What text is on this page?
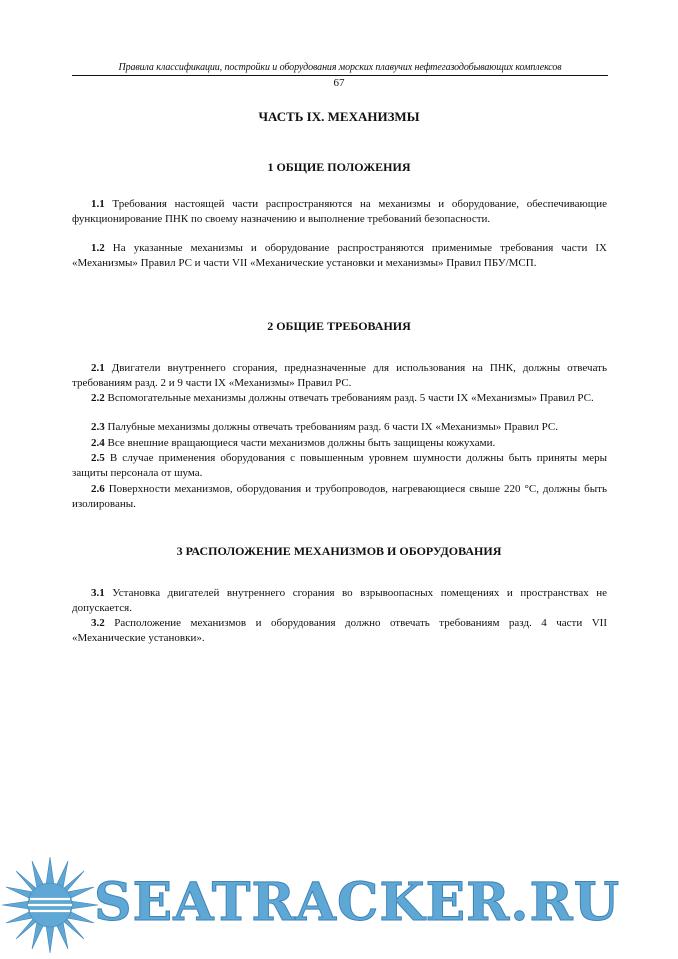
Правила классификации, постройки и оборудования морских плавучих нефтегазодобывающих комплексов
67
ЧАСТЬ IX. МЕХАНИЗМЫ
1 ОБЩИЕ ПОЛОЖЕНИЯ

1.1 Требования настоящей части распространяются на механизмы и оборудование, обеспечивающие функционирование ПНК по своему назначению и выполнение требований безопасности.

1.2 На указанные механизмы и оборудование распространяются применимые требования части IX «Механизмы» Правил РС и части VII «Механические установки и механизмы» Правил ПБУ/МСП.

2 ОБЩИЕ ТРЕБОВАНИЯ

2.1 Двигатели внутреннего сгорания, предназначенные для использования на ПНК, должны отвечать требованиям разд. 2 и 9 части IX «Механизмы» Правил РС.

2.2 Вспомогательные механизмы должны отвечать требованиям разд. 5 части IX «Механизмы» Правил РС.

2.3 Палубные механизмы должны отвечать требованиям разд. 6 части IX «Механизмы» Правил РС.

2.4 Все внешние вращающиеся части механизмов должны быть защищены кожухами.

2.5 В случае применения оборудования с повышенным уровнем шумности должны быть приняты меры защиты персонала от шума.

2.6 Поверхности механизмов, оборудования и трубопроводов, нагревающиеся свыше 220 °С, должны быть изолированы.

3 РАСПОЛОЖЕНИЕ МЕХАНИЗМОВ И ОБОРУДОВАНИЯ

3.1 Установка двигателей внутреннего сгорания во взрывоопасных помещениях и пространствах не допускается.

3.2 Расположение механизмов и оборудования должно отвечать требованиям разд. 4 части VII «Механические установки».

SEATRACKER.RU
